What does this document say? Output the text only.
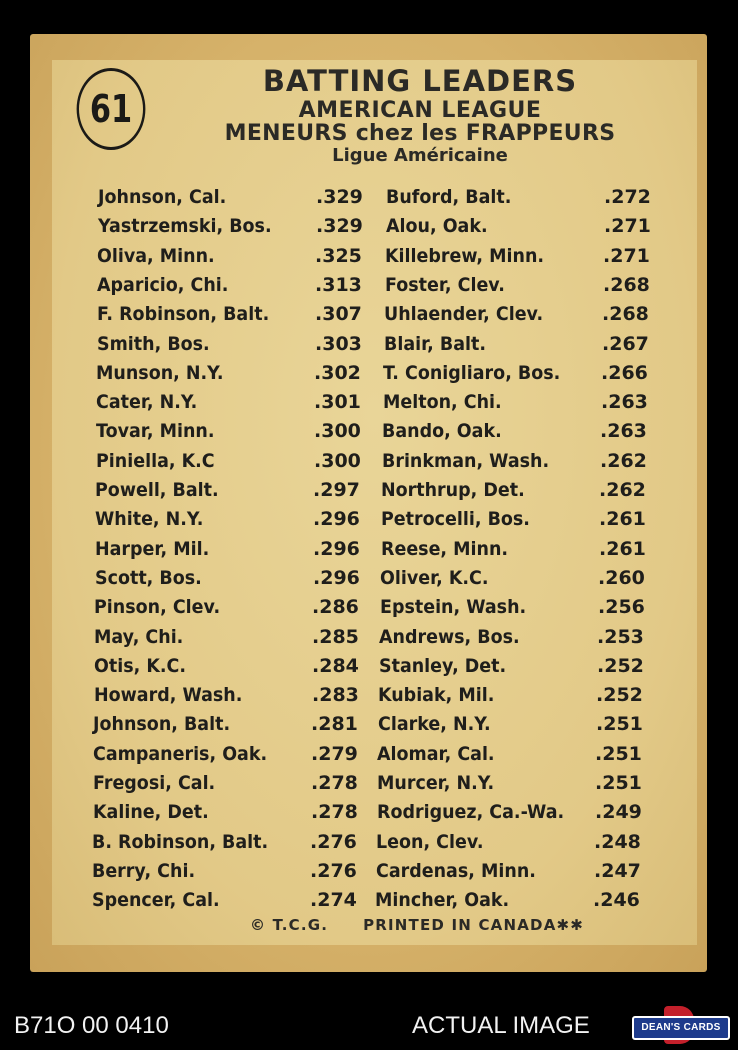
61
BATTING LEADERS
AMERICAN LEAGUE
MENEURS chez les FRAPPEURS
Ligue Américaine
Johnson, Cal.	.329
Yastrzemski, Bos. .329
Oliva, Minn.	.325
Aparicio, Chi.	.313
F. Robinson, Balt. .307
Smith, Bos.	.303
Munson, N.Y.	.302
Cater, N.Y.	.301
Tovar, Minn.	.300
Piniella, K.C	.300
Powell, Balt.	.297
White, N.Y.	.296
Harper, Mil.	.296
Scott, Bos.	.296
Pinson, Clev.	.286
May, Chi.	.285
Otis, K.C.	.284
Howard, Wash.	.283
Johnson, Balt.	.281
Campaneris, Oak. .279
Fregosi, Cal.	.278
Kaline, Det.	.278
B. Robinson, Balt. .276
Berry, Chi.	.276
Spencer, Cal.	.274
Buford, Balt.	.272
Alou, Oak.	.271
Killebrew, Minn.	.271
Foster, Clev.	.268
Uhlaender, Clev.	.268
Blair, Balt.	.267
T. Conigliaro, Bos. .266
Melton, Chi.	.263
Bando, Oak.	.263
Brinkman, Wash.	.262
Northrup, Det.	.262
Petrocelli, Bos.	.261
Reese, Minn.	.261
Oliver, K.C.	.260
Epstein, Wash.	.256
Andrews, Bos.	.253
Stanley, Det.	.252
Kubiak, Mil.	.252
Clarke, N.Y.	.251
Alomar, Cal.	.251
Murcer, N.Y.	.251
Rodriguez, Ca.-Wa. .249
Leon, Clev.	.248
Cardenas, Minn.	.247
Mincher, Oak.	.246
© T.C.G. PRINTED IN CANADA✱✱
B71O 00 0410	ACTUAL IMAGE	DEAN'S CARDS
